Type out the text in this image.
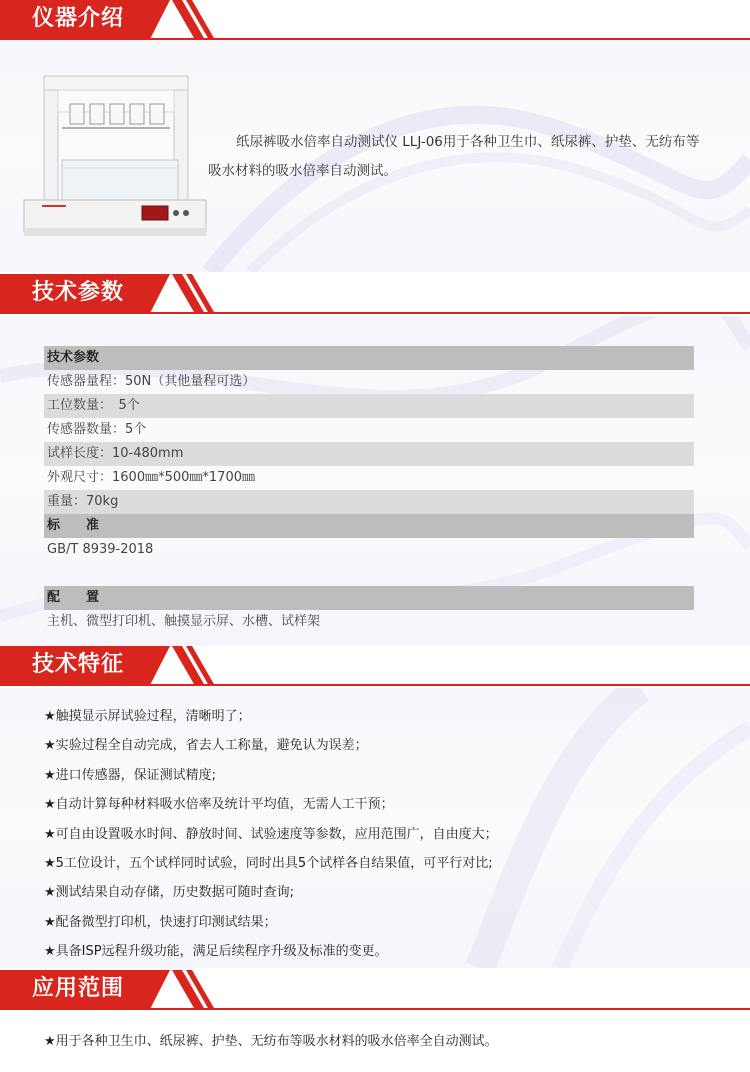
仪器介绍
纸尿裤吸水倍率自动测试仪 LLJ-06用于各种卫生巾、纸尿裤、护垫、无纺布等吸水材料的吸水倍率自动测试。
技术参数
技术参数
传感器量程：50N（其他量程可选）
工位数量：　5个
传感器数量：5个
试样长度：10-480mm
外观尺寸：1600㎜*500㎜*1700㎜
重量：70kg
标　　准
GB/T 8939-2018
配　　置
主机、微型打印机、触摸显示屏、水槽、试样架
技术特征
★触摸显示屏试验过程，清晰明了；
★实验过程全自动完成，省去人工称量，避免认为误差；
★进口传感器，保证测试精度;
★自动计算每种材料吸水倍率及统计平均值，无需人工干预；
★可自由设置吸水时间、静放时间、试验速度等参数，应用范围广，自由度大；
★5工位设计，五个试样同时试验，同时出具5个试样各自结果值，可平行对比;
★测试结果自动存储，历史数据可随时查询;
★配备微型打印机，快速打印测试结果；
★具备ISP远程升级功能，满足后续程序升级及标准的变更。
应用范围
★用于各种卫生巾、纸尿裤、护垫、无纺布等吸水材料的吸水倍率全自动测试。
